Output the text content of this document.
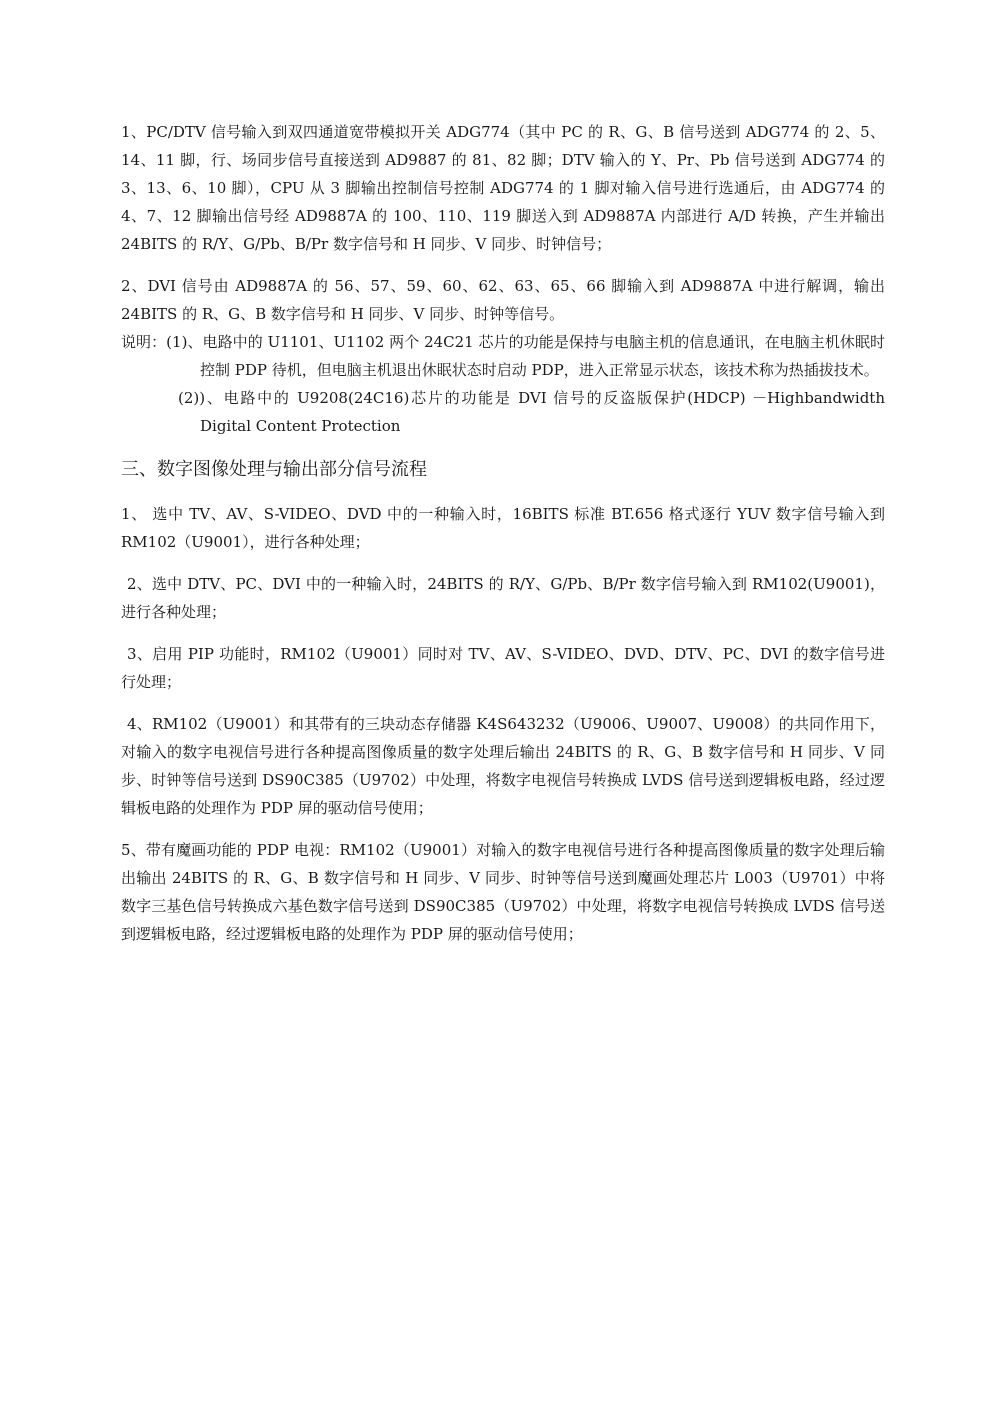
1、PC/DTV 信号输入到双四通道宽带模拟开关 ADG774（其中 PC 的 R、G、B 信号送到 ADG774 的 2、5、14、11 脚，行、场同步信号直接送到 AD9887 的 81、82 脚；DTV 输入的 Y、Pr、Pb 信号送到 ADG774 的 3、13、6、10 脚），CPU 从 3 脚输出控制信号控制 ADG774 的 1 脚对输入信号进行选通后，由 ADG774 的 4、7、12 脚输出信号经 AD9887A 的 100、110、119 脚送入到 AD9887A 内部进行 A/D 转换，产生并输出 24BITS 的 R/Y、G/Pb、B/Pr 数字信号和 H 同步、V 同步、时钟信号；

2、DVI 信号由 AD9887A 的 56、57、59、60、62、63、65、66 脚输入到 AD9887A 中进行解调，输出 24BITS 的 R、G、B 数字信号和 H 同步、V 同步、时钟等信号。

说明：(1)、电路中的 U1101、U1102 两个 24C21 芯片的功能是保持与电脑主机的信息通讯，在电脑主机休眠时控制 PDP 待机，但电脑主机退出休眠状态时启动 PDP，进入正常显示状态，该技术称为热插拔技术。

(2))、电路中的 U9208(24C16)芯片的功能是 DVI 信号的反盗版保护(HDCP) －Highbandwidth Digital Content Protection

三、数字图像处理与输出部分信号流程

1、 选中 TV、AV、S-VIDEO、DVD 中的一种输入时，16BITS 标准 BT.656 格式逐行 YUV 数字信号输入到 RM102（U9001），进行各种处理；

2、选中 DTV、PC、DVI 中的一种输入时，24BITS 的 R/Y、G/Pb、B/Pr 数字信号输入到 RM102(U9001)，进行各种处理；

3、启用 PIP 功能时，RM102（U9001）同时对 TV、AV、S-VIDEO、DVD、DTV、PC、DVI 的数字信号进行处理；

4、RM102（U9001）和其带有的三块动态存储器 K4S643232（U9006、U9007、U9008）的共同作用下，对输入的数字电视信号进行各种提高图像质量的数字处理后输出 24BITS 的 R、G、B 数字信号和 H 同步、V 同步、时钟等信号送到 DS90C385（U9702）中处理，将数字电视信号转换成 LVDS 信号送到逻辑板电路，经过逻辑板电路的处理作为 PDP 屏的驱动信号使用；

5、带有魔画功能的 PDP 电视：RM102（U9001）对输入的数字电视信号进行各种提高图像质量的数字处理后输出输出 24BITS 的 R、G、B 数字信号和 H 同步、V 同步、时钟等信号送到魔画处理芯片 L003（U9701）中将数字三基色信号转换成六基色数字信号送到 DS90C385（U9702）中处理，将数字电视信号转换成 LVDS 信号送到逻辑板电路，经过逻辑板电路的处理作为 PDP 屏的驱动信号使用；
